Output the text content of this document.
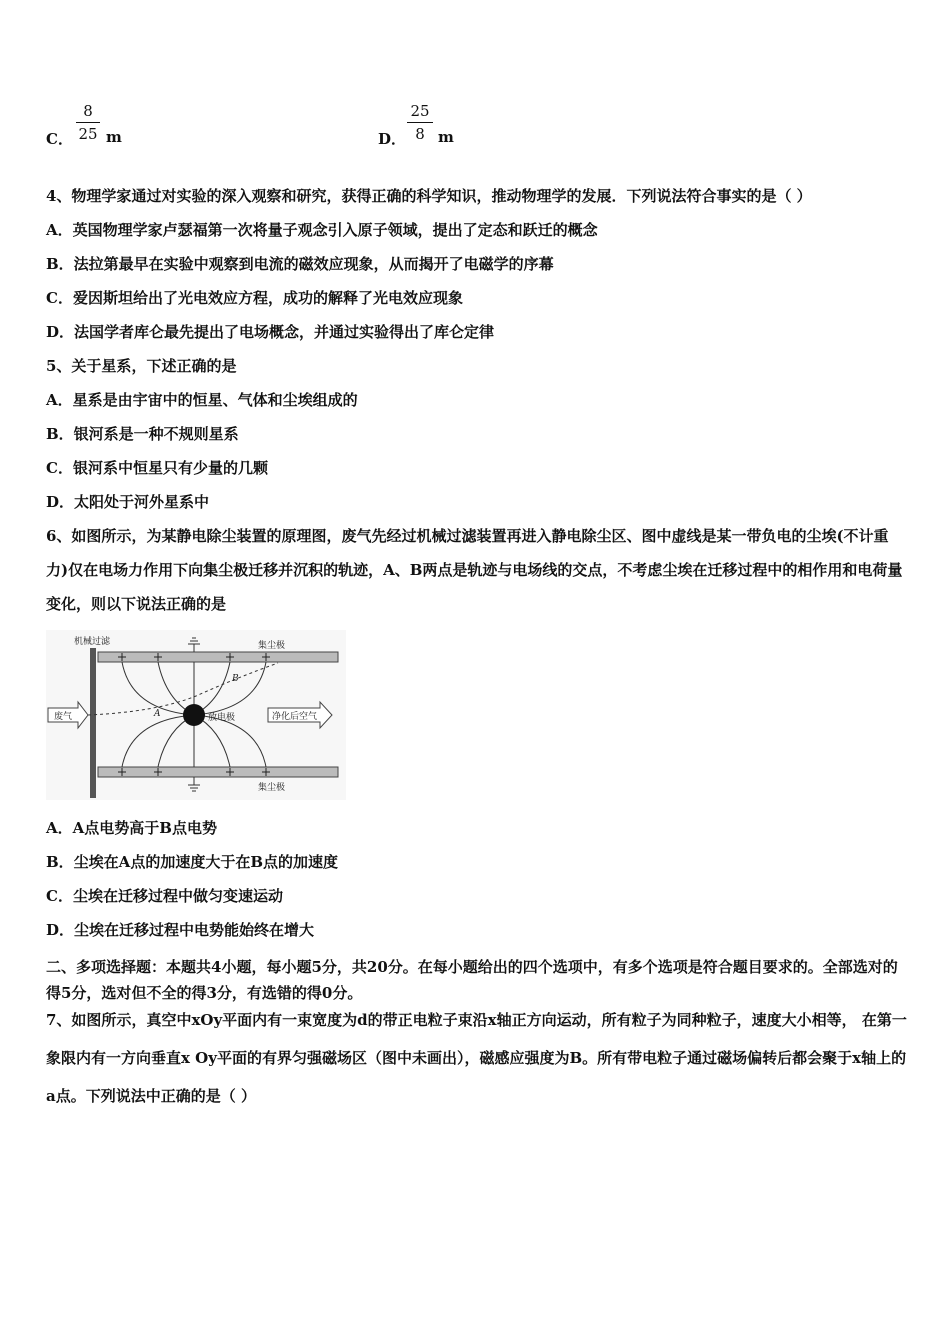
C．
8
25 m	D．
25
8 m
4、物理学家通过对实验的深入观察和研究，获得正确的科学知识，推动物理学的发展．下列说法符合事实的是（ ）
A．英国物理学家卢瑟福第一次将量子观念引入原子领域，提出了定态和跃迁的概念
B．法拉第最早在实验中观察到电流的磁效应现象，从而揭开了电磁学的序幕
C．爱因斯坦给出了光电效应方程，成功的解释了光电效应现象
D．法国学者库仑最先提出了电场概念，并通过实验得出了库仑定律
5、关于星系，下述正确的是
A．星系是由宇宙中的恒星、气体和尘埃组成的
B．银河系是一种不规则星系
C．银河系中恒星只有少量的几颗
D．太阳处于河外星系中
6、如图所示，为某静电除尘装置的原理图，废气先经过机械过滤装置再进入静电除尘区、图中虚线是某一带负电的尘埃(不计重力)仅在电场力作用下向集尘极迁移并沉积的轨迹，A、B两点是轨迹与电场线的交点，不考虑尘埃在迁移过程中的相作用和电荷量变化，则以下说法正确的是
机械过滤	集尘极
集尘极
放电极
A
B
废气	净化后空气
A．A点电势高于B点电势
B．尘埃在A点的加速度大于在B点的加速度
C．尘埃在迁移过程中做匀变速运动
D．尘埃在迁移过程中电势能始终在增大
二、多项选择题：本题共4小题，每小题5分，共20分。在每小题给出的四个选项中，有多个选项是符合题目要求的。全部选对的得5分，选对但不全的得3分，有选错的得0分。
7、如图所示，真空中xOy平面内有一束宽度为d的带正电粒子束沿x轴正方向运动，所有粒子为同种粒子，速度大小相等， 在第一象限内有一方向垂直x Oy平面的有界匀强磁场区（图中未画出），磁感应强度为B。所有带电粒子通过磁场偏转后都会聚于x轴上的a点。下列说法中正确的是（ ）
